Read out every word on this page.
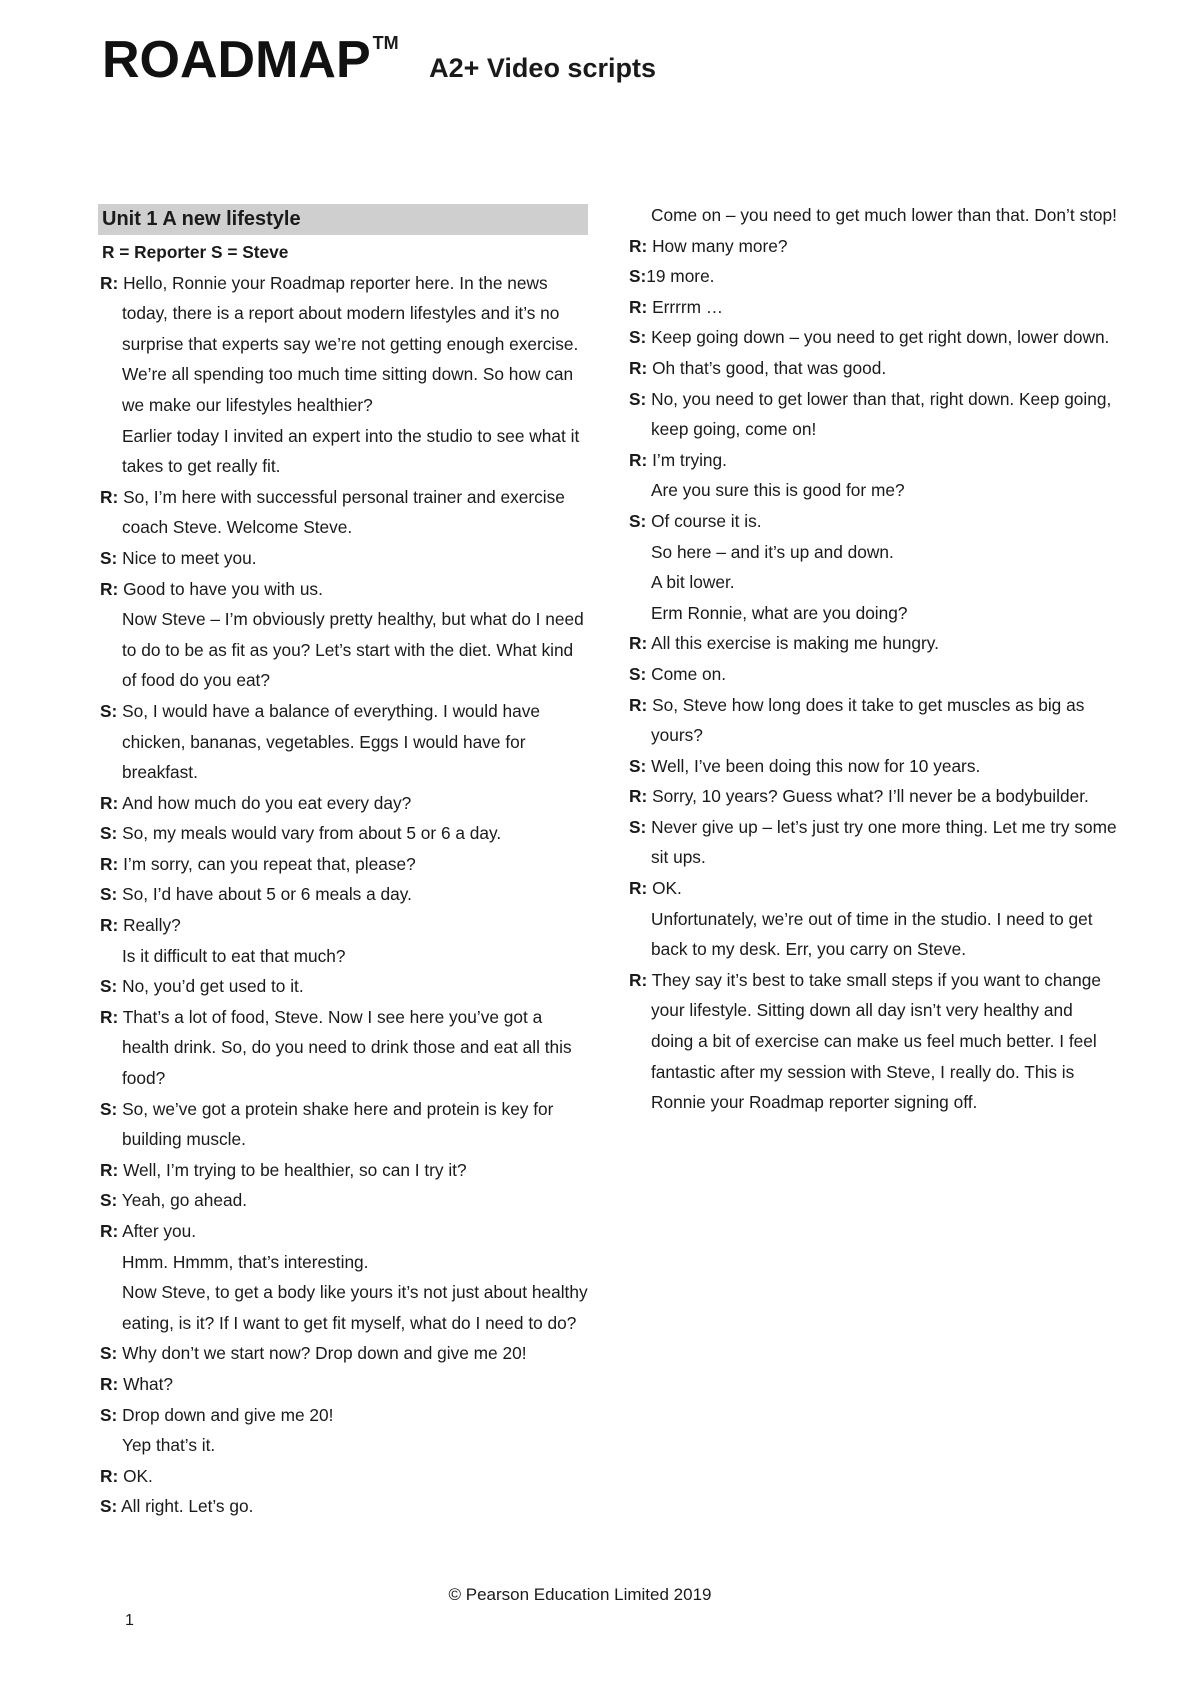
ROADMAP TM A2+ Video scripts
Unit 1 A new lifestyle
R = Reporter S = Steve
R: Hello, Ronnie your Roadmap reporter here. In the news today, there is a report about modern lifestyles and it’s no surprise that experts say we’re not getting enough exercise. We’re all spending too much time sitting down. So how can we make our lifestyles healthier?
Earlier today I invited an expert into the studio to see what it takes to get really fit.
R: So, I’m here with successful personal trainer and exercise coach Steve. Welcome Steve.
S: Nice to meet you.
R: Good to have you with us.
Now Steve – I’m obviously pretty healthy, but what do I need to do to be as fit as you? Let’s start with the diet. What kind of food do you eat?
S: So, I would have a balance of everything. I would have chicken, bananas, vegetables. Eggs I would have for breakfast.
R: And how much do you eat every day?
S: So, my meals would vary from about 5 or 6 a day.
R: I’m sorry, can you repeat that, please?
S: So, I’d have about 5 or 6 meals a day.
R: Really?
Is it difficult to eat that much?
S: No, you’d get used to it.
R: That’s a lot of food, Steve. Now I see here you’ve got a health drink. So, do you need to drink those and eat all this food?
S: So, we’ve got a protein shake here and protein is key for building muscle.
R: Well, I’m trying to be healthier, so can I try it?
S: Yeah, go ahead.
R: After you.
Hmm. Hmmm, that’s interesting.
Now Steve, to get a body like yours it’s not just about healthy eating, is it? If I want to get fit myself, what do I need to do?
S: Why don’t we start now? Drop down and give me 20!
R: What?
S: Drop down and give me 20!
Yep that’s it.
R: OK.
S: All right. Let’s go.
Come on – you need to get much lower than that. Don’t stop!
R: How many more?
S:19 more.
R: Errrrm …
S: Keep going down – you need to get right down, lower down.
R: Oh that’s good, that was good.
S: No, you need to get lower than that, right down. Keep going, keep going, come on!
R: I’m trying.
Are you sure this is good for me?
S: Of course it is.
So here – and it’s up and down.
A bit lower.
Erm Ronnie, what are you doing?
R: All this exercise is making me hungry.
S: Come on.
R: So, Steve how long does it take to get muscles as big as yours?
S: Well, I’ve been doing this now for 10 years.
R: Sorry, 10 years? Guess what? I’ll never be a bodybuilder.
S: Never give up – let’s just try one more thing. Let me try some sit ups.
R: OK.
Unfortunately, we’re out of time in the studio. I need to get back to my desk. Err, you carry on Steve.
R: They say it’s best to take small steps if you want to change your lifestyle. Sitting down all day isn’t very healthy and doing a bit of exercise can make us feel much better. I feel fantastic after my session with Steve, I really do. This is Ronnie your Roadmap reporter signing off.
© Pearson Education Limited 2019
1
